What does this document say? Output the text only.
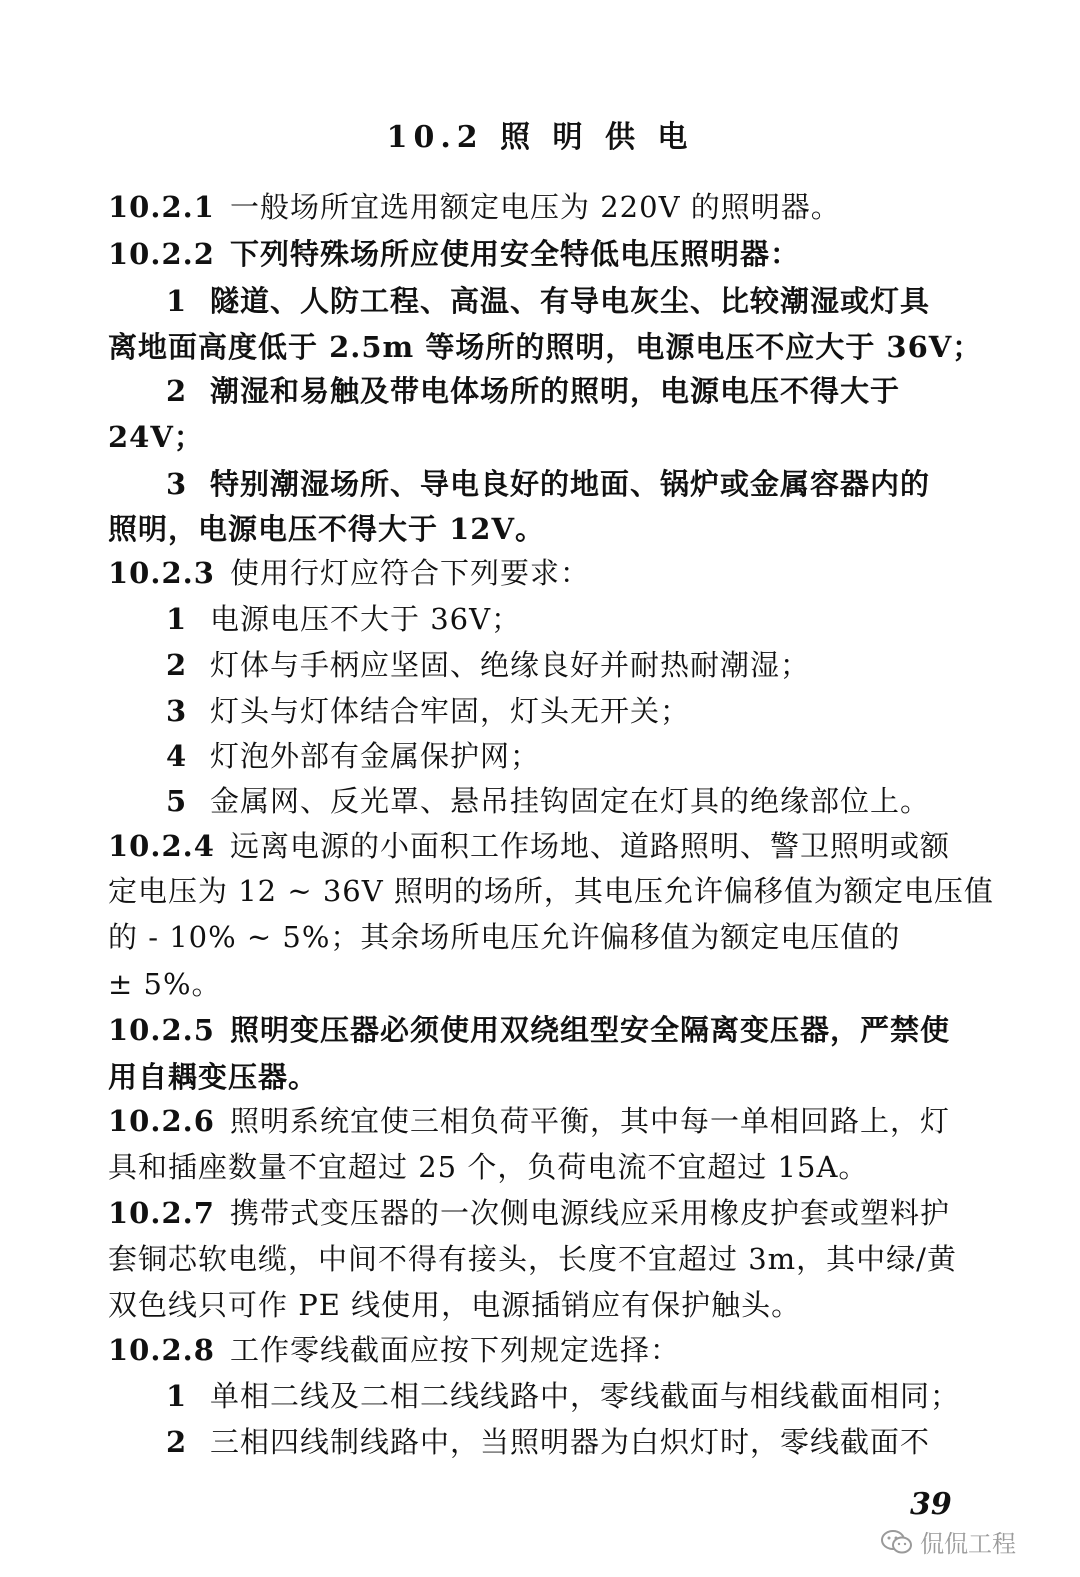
10.2 照 明 供 电
10.2.1 一般场所宜选用额定电压为 220V 的照明器。
10.2.2 下列特殊场所应使用安全特低电压照明器：
1 隧道、人防工程、高温、有导电灰尘、比较潮湿或灯具
离地面高度低于 2.5m 等场所的照明，电源电压不应大于 36V；
2 潮湿和易触及带电体场所的照明，电源电压不得大于
24V；
3 特别潮湿场所、导电良好的地面、锅炉或金属容器内的
照明，电源电压不得大于 12V。
10.2.3 使用行灯应符合下列要求：
1 电源电压不大于 36V；
2 灯体与手柄应坚固、绝缘良好并耐热耐潮湿；
3 灯头与灯体结合牢固，灯头无开关；
4 灯泡外部有金属保护网；
5 金属网、反光罩、悬吊挂钩固定在灯具的绝缘部位上。
10.2.4 远离电源的小面积工作场地、道路照明、警卫照明或额
定电压为 12 ~ 36V 照明的场所，其电压允许偏移值为额定电压值
的 - 10% ~ 5%；其余场所电压允许偏移值为额定电压值的
± 5%。
10.2.5 照明变压器必须使用双绕组型安全隔离变压器，严禁使
用自耦变压器。
10.2.6 照明系统宜使三相负荷平衡，其中每一单相回路上，灯
具和插座数量不宜超过 25 个，负荷电流不宜超过 15A。
10.2.7 携带式变压器的一次侧电源线应采用橡皮护套或塑料护
套铜芯软电缆，中间不得有接头，长度不宜超过 3m，其中绿/黄
双色线只可作 PE 线使用，电源插销应有保护触头。
10.2.8 工作零线截面应按下列规定选择：
1 单相二线及二相二线线路中，零线截面与相线截面相同；
2 三相四线制线路中，当照明器为白炽灯时，零线截面不
39
侃侃工程
